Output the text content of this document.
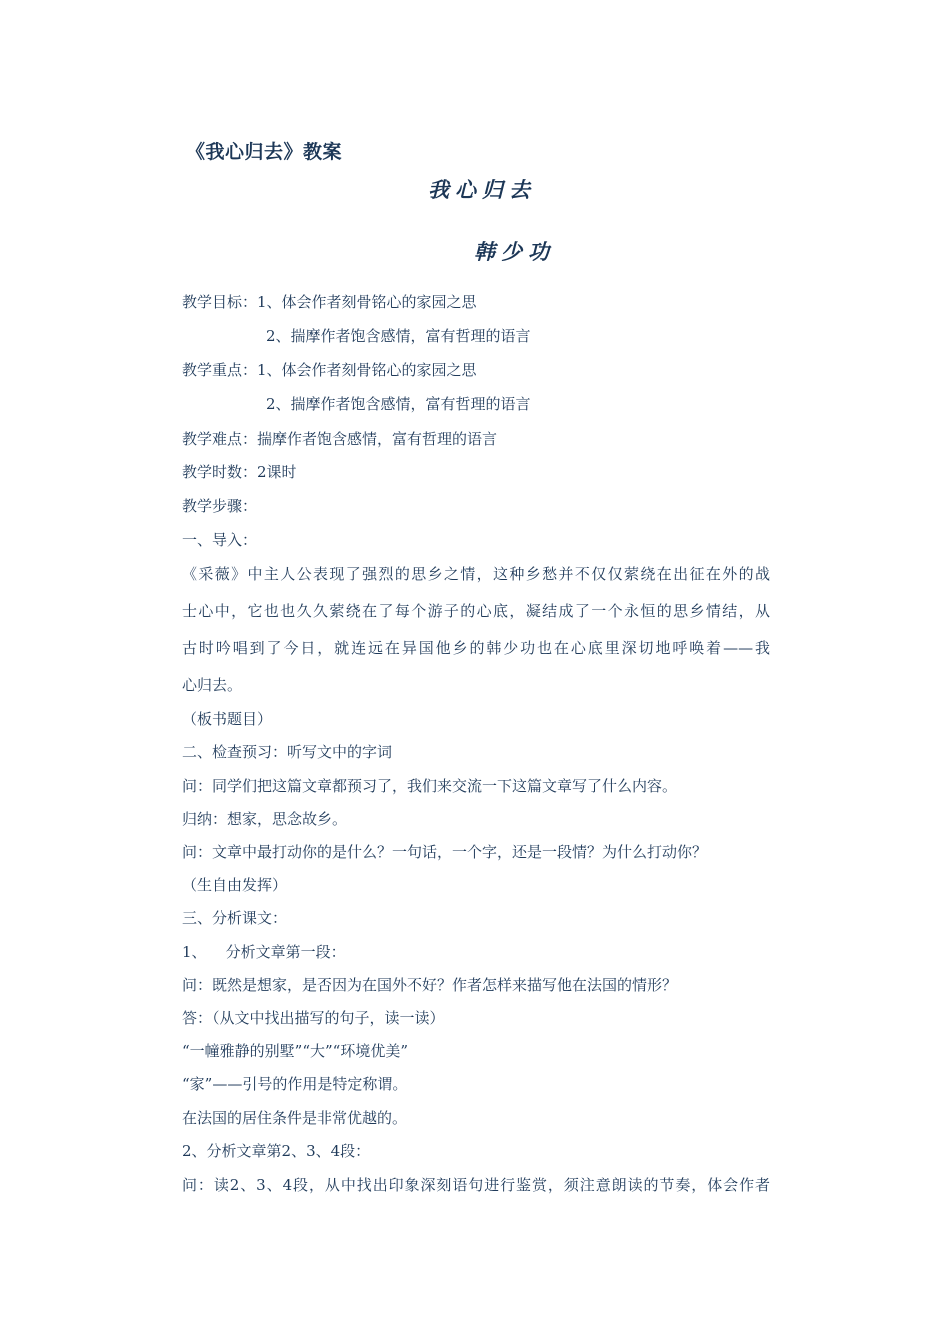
《我心归去》教案
我心归去
韩少功
教学目标：1、体会作者刻骨铭心的家园之思
2、揣摩作者饱含感情，富有哲理的语言
教学重点：1、体会作者刻骨铭心的家园之思
2、揣摩作者饱含感情，富有哲理的语言
教学难点：揣摩作者饱含感情，富有哲理的语言
教学时数：2课时
教学步骤：
一、导入：
《采薇》中主人公表现了强烈的思乡之情，这种乡愁并不仅仅萦绕在出征在外的战
士心中，它也也久久萦绕在了每个游子的心底，凝结成了一个永恒的思乡情结，从
古时吟唱到了今日，就连远在异国他乡的韩少功也在心底里深切地呼唤着——我
心归去。
（板书题目）
二、检查预习：听写文中的字词
问：同学们把这篇文章都预习了，我们来交流一下这篇文章写了什么内容。
归纳：想家，思念故乡。
问：文章中最打动你的是什么？一句话，一个字，还是一段情？为什么打动你？
（生自由发挥）
三、分析课文：
1、    分析文章第一段：
问：既然是想家，是否因为在国外不好？作者怎样来描写他在法国的情形？
答：（从文中找出描写的句子，读一读）
“一幢雅静的别墅”“大”“环境优美”
“家”——引号的作用是特定称谓。
在法国的居住条件是非常优越的。
2、分析文章第2、3、4段：
问：读2、3、4段，从中找出印象深刻语句进行鉴赏，须注意朗读的节奏，体会作者
